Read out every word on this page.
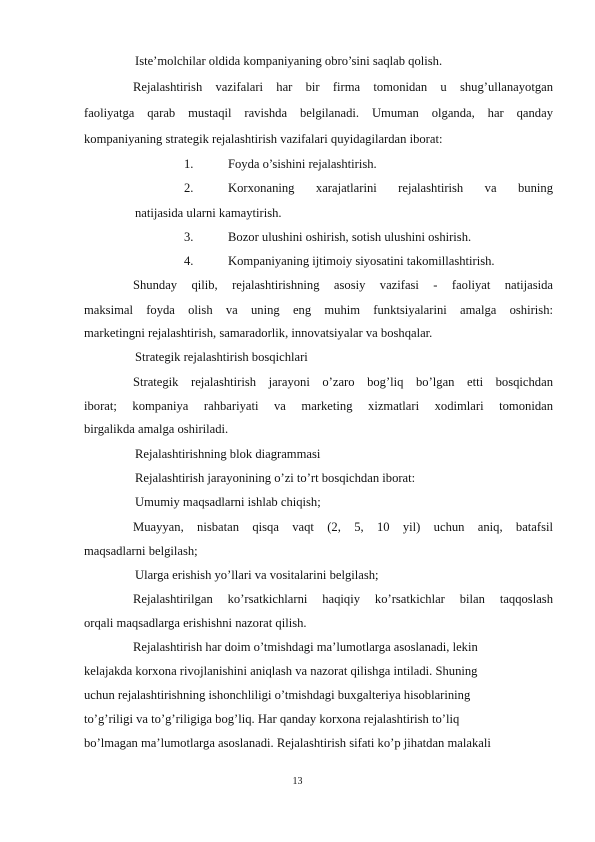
Iste’molchilar oldida kompaniyaning obro’sini saqlab qolish.
Rejalashtirish vazifalari har bir firma tomonidan u shug’ullanayotgan
faoliyatga qarab mustaqil ravishda belgilanadi. Umuman olganda, har qanday
kompaniyaning strategik rejalashtirish vazifalari quyidagilardan iborat:
1.	Foyda o’sishini rejalashtirish.
2.	Korxonaning xarajatlarini rejalashtirish va buning
natijasida ularni kamaytirish.
3.	Bozor ulushini oshirish, sotish ulushini oshirish.
4.	Kompaniyaning ijtimoiy siyosatini takomillashtirish.
Shunday qilib, rejalashtirishning asosiy vazifasi - faoliyat natijasida
maksimal foyda olish va uning eng muhim funktsiyalarini amalga oshirish:
marketingni rejalashtirish, samaradorlik, innovatsiyalar va boshqalar.
Strategik rejalashtirish bosqichlari
Strategik rejalashtirish jarayoni o’zaro bog’liq bo’lgan etti bosqichdan
iborat; kompaniya rahbariyati va marketing xizmatlari xodimlari tomonidan
birgalikda amalga oshiriladi.
Rejalashtirishning blok diagrammasi
Rejalashtirish jarayonining o’zi to’rt bosqichdan iborat:
Umumiy maqsadlarni ishlab chiqish;
Muayyan, nisbatan qisqa vaqt (2, 5, 10 yil) uchun aniq, batafsil
maqsadlarni belgilash;
Ularga erishish yo’llari va vositalarini belgilash;
Rejalashtirilgan ko’rsatkichlarni haqiqiy ko’rsatkichlar bilan taqqoslash
orqali maqsadlarga erishishni nazorat qilish.
Rejalashtirish har doim o’tmishdagi ma’lumotlarga asoslanadi, lekin
kelajakda korxona rivojlanishini aniqlash va nazorat qilishga intiladi. Shuning
uchun rejalashtirishning ishonchliligi o’tmishdagi buxgalteriya hisoblarining
to’g’riligi va to’g’riligiga bog’liq. Har qanday korxona rejalashtirish to’liq
bo’lmagan ma’lumotlarga asoslanadi. Rejalashtirish sifati ko’p jihatdan malakali
13
